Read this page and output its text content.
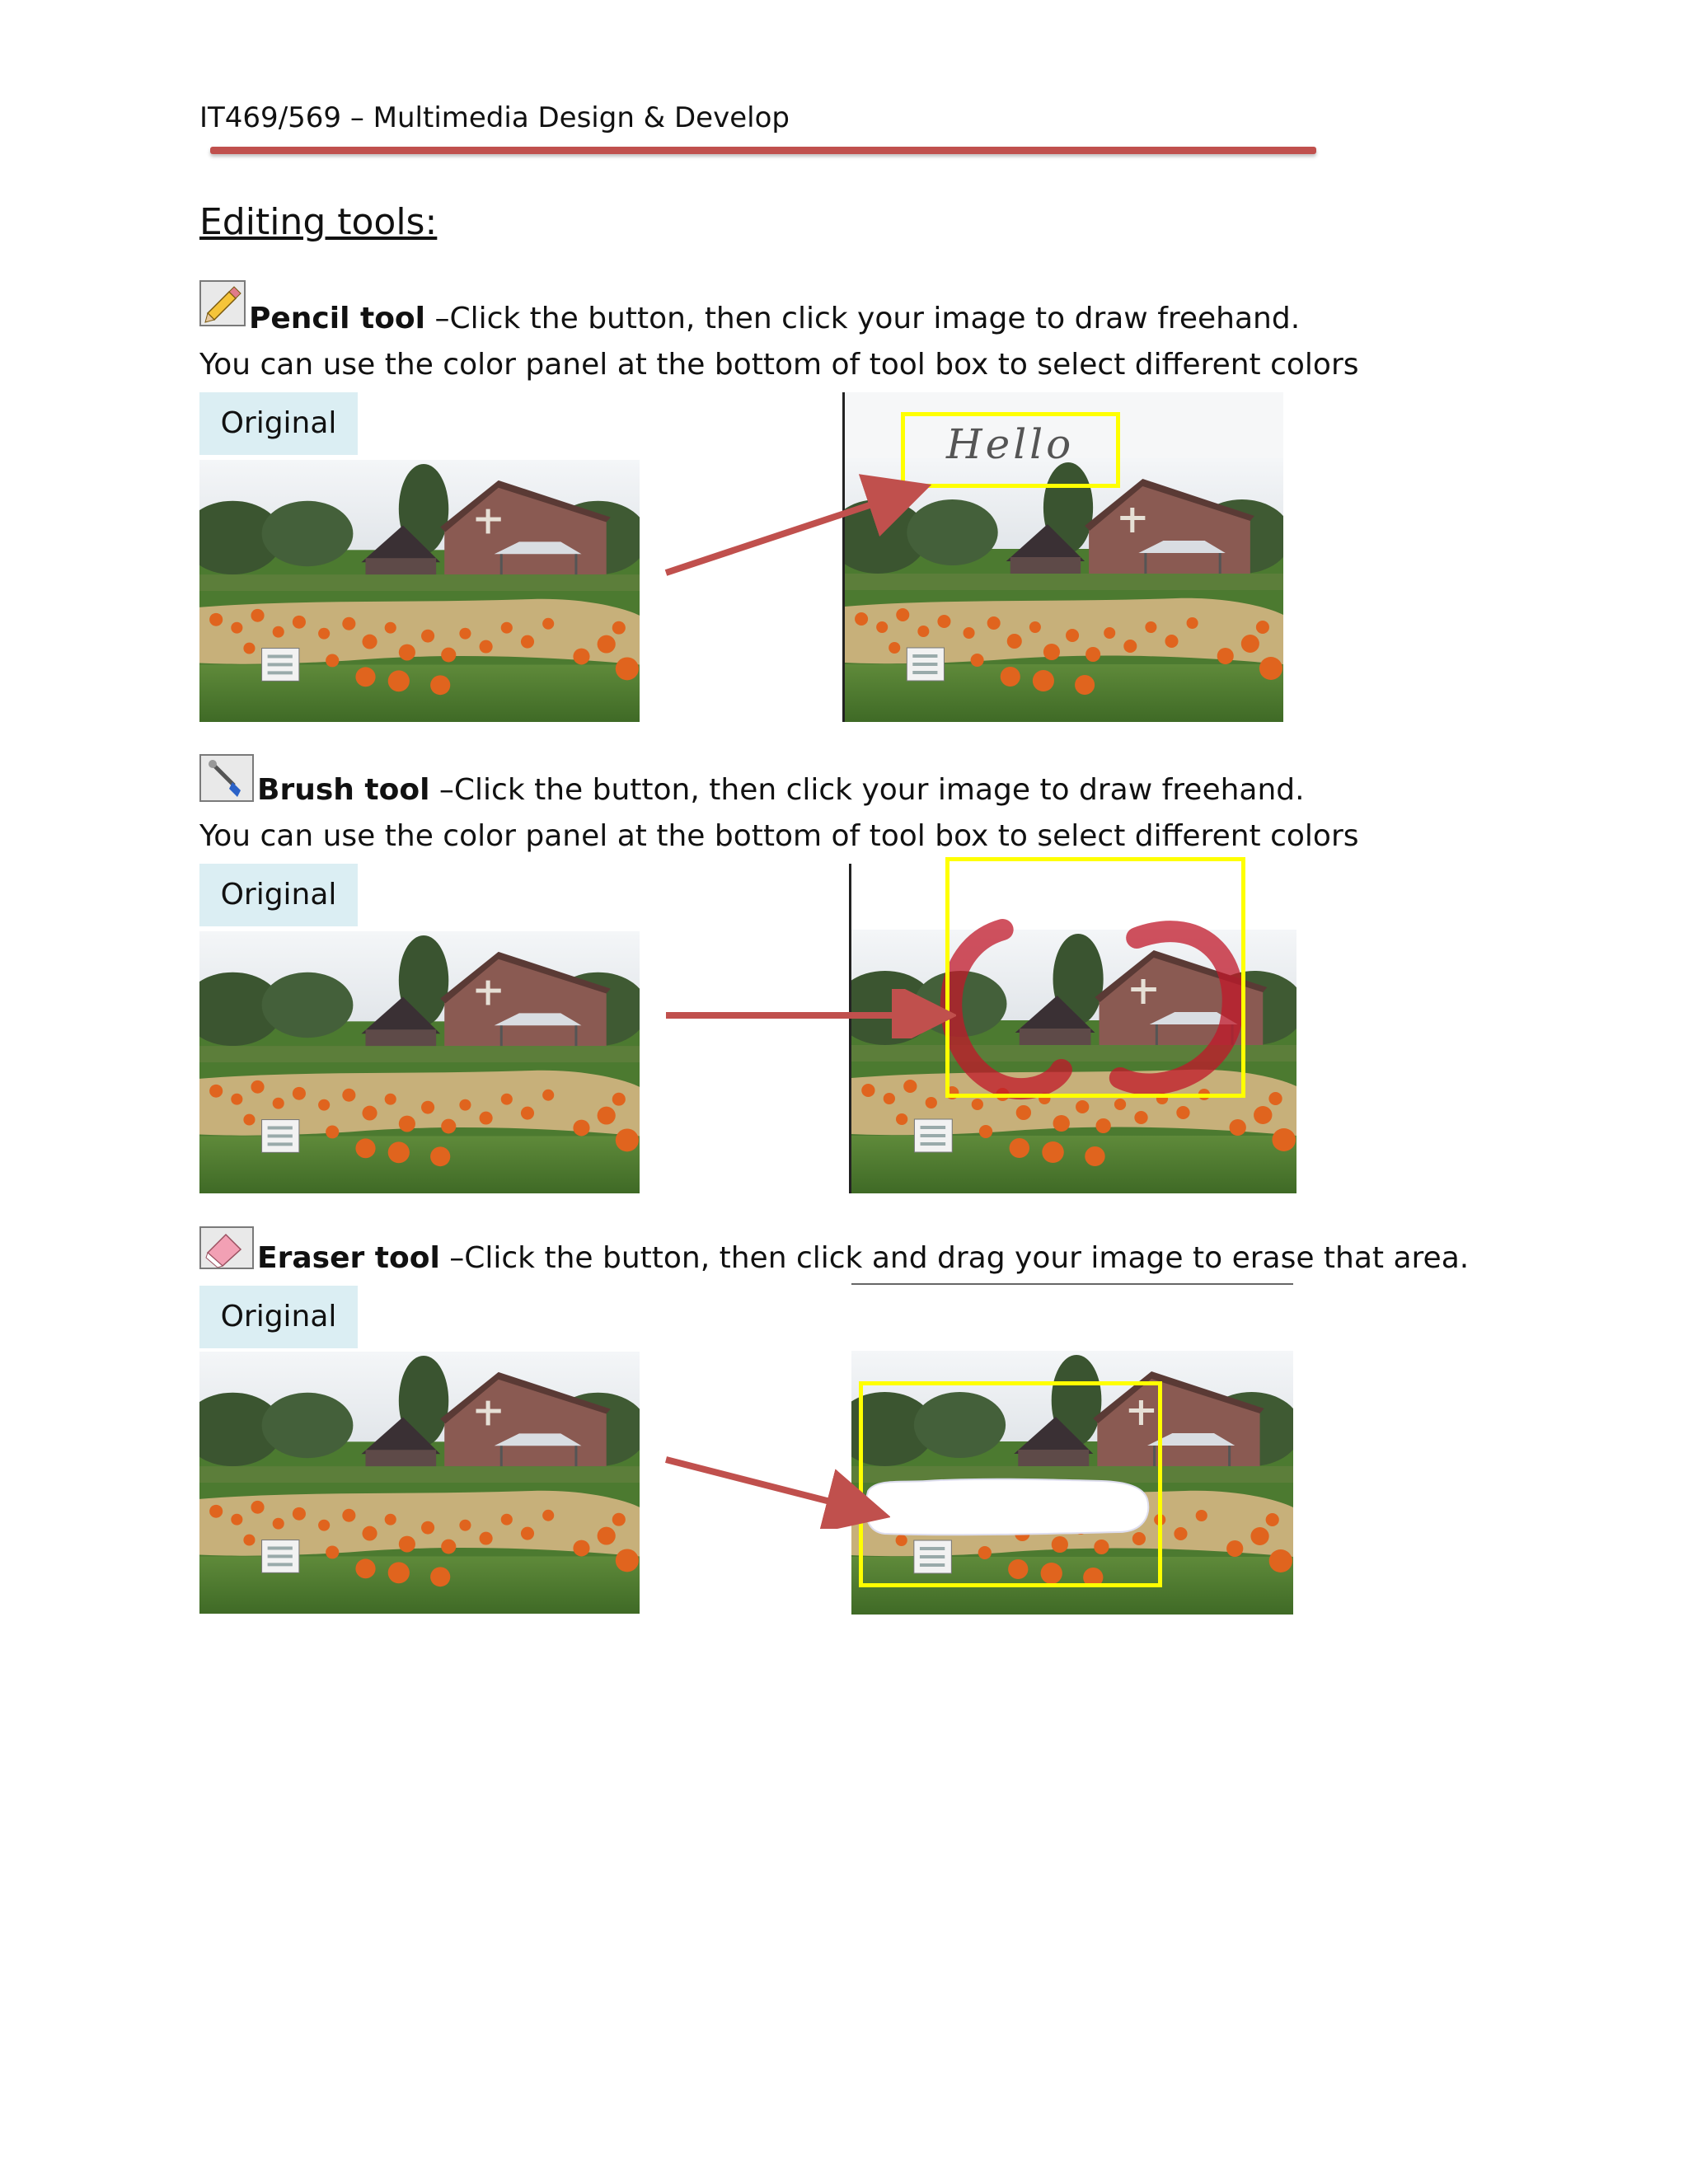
IT469/569 – Multimedia Design & Develop
Editing tools:
Pencil tool –Click the button, then click your image to draw freehand.
You can use the color panel at the bottom of tool box to select different colors
Original	Hello
Brush tool –Click the button, then click your image to draw freehand.
You can use the color panel at the bottom of tool box to select different colors
Original
Eraser tool –Click the button, then click and drag your image to erase that area.
Original
